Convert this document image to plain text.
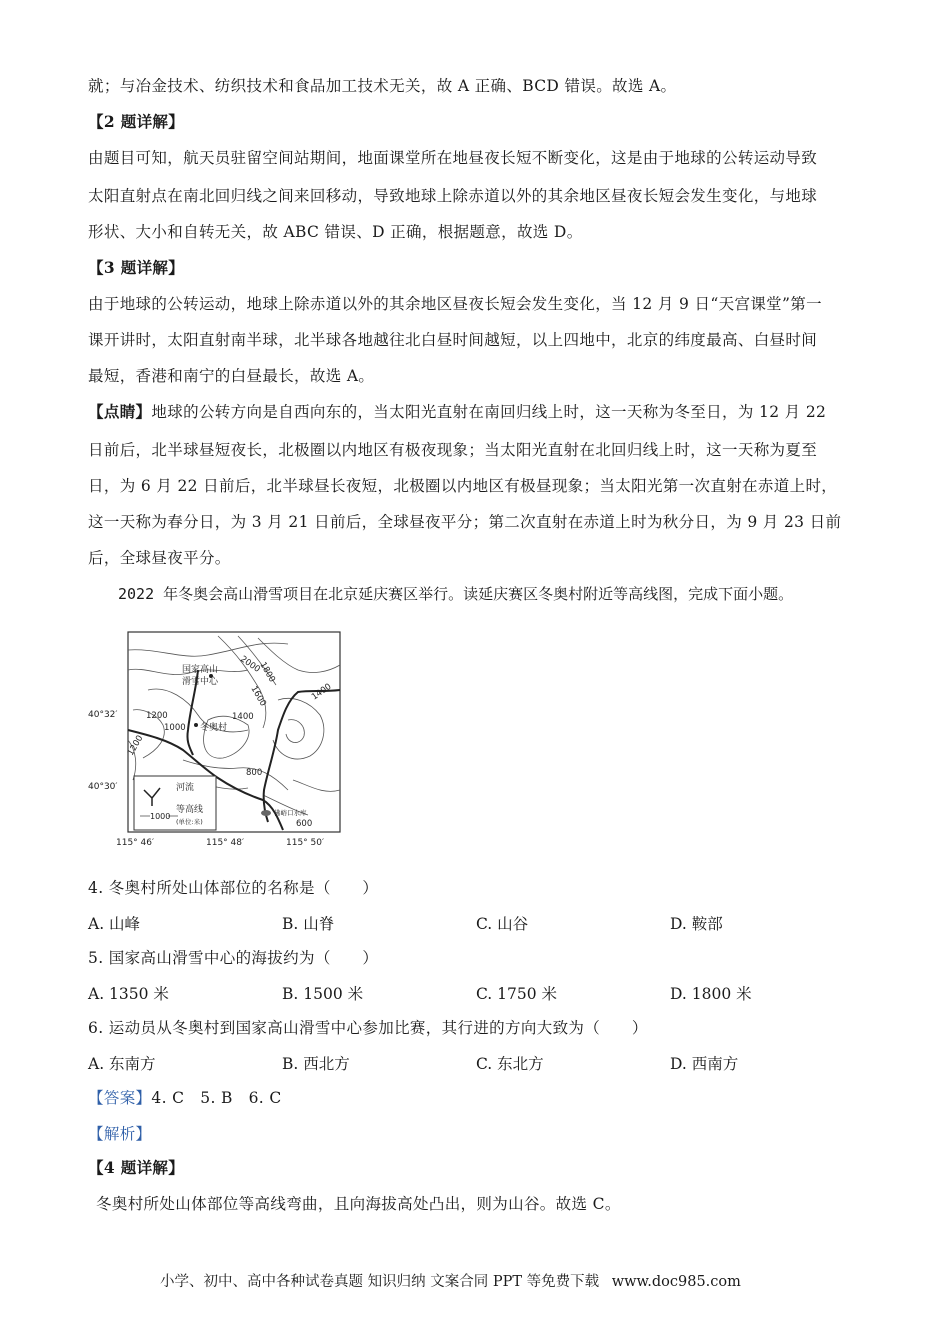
就；与冶金技术、纺织技术和食品加工技术无关，故 A 正确、BCD 错误。故选 A。
【2 题详解】
由题目可知，航天员驻留空间站期间，地面课堂所在地昼夜长短不断变化，这是由于地球的公转运动导致
太阳直射点在南北回归线之间来回移动，导致地球上除赤道以外的其余地区昼夜长短会发生变化，与地球
形状、大小和自转无关，故 ABC 错误、D 正确，根据题意，故选 D。
【3 题详解】
由于地球的公转运动，地球上除赤道以外的其余地区昼夜长短会发生变化，当 12 月 9 日“天宫课堂”第一
课开讲时，太阳直射南半球，北半球各地越往北白昼时间越短，以上四地中，北京的纬度最高、白昼时间
最短，香港和南宁的白昼最长，故选 A。
【点睛】地球的公转方向是自西向东的，当太阳光直射在南回归线上时，这一天称为冬至日，为 12 月 22
日前后，北半球昼短夜长，北极圈以内地区有极夜现象；当太阳光直射在北回归线上时，这一天称为夏至
日，为 6 月 22 日前后，北半球昼长夜短，北极圈以内地区有极昼现象；当太阳光第一次直射在赤道上时，
这一天称为春分日，为 3 月 21 日前后，全球昼夜平分；第二次直射在赤道上时为秋分日，为 9 月 23 日前
后，全球昼夜平分。
2022 年冬奥会高山滑雪项目在北京延庆赛区举行。读延庆赛区冬奥村附近等高线图，完成下面小题。
40°32′
40°30′
115° 46′	115° 48′	115° 50′
国家高山
滑雪中心
冬奥村
佛峪口水库
2000
1800
1600
1400
1400
1200
1200
1000
800
600
河流
等高线
(单位:米)
1000
4. 冬奥村所处山体部位的名称是（　　）
A. 山峰	B. 山脊	C. 山谷	D. 鞍部
5. 国家高山滑雪中心的海拔约为（　　）
A. 1350 米	B. 1500 米	C. 1750 米	D. 1800 米
6. 运动员从冬奥村到国家高山滑雪中心参加比赛，其行进的方向大致为（　　）
A. 东南方	B. 西北方	C. 东北方	D. 西南方
【答案】4. C　5. B　6. C
【解析】
【4 题详解】
冬奥村所处山体部位等高线弯曲，且向海拔高处凸出，则为山谷。故选 C。
小学、初中、高中各种试卷真题 知识归纳 文案合同 PPT 等免费下载 www.doc985.com
